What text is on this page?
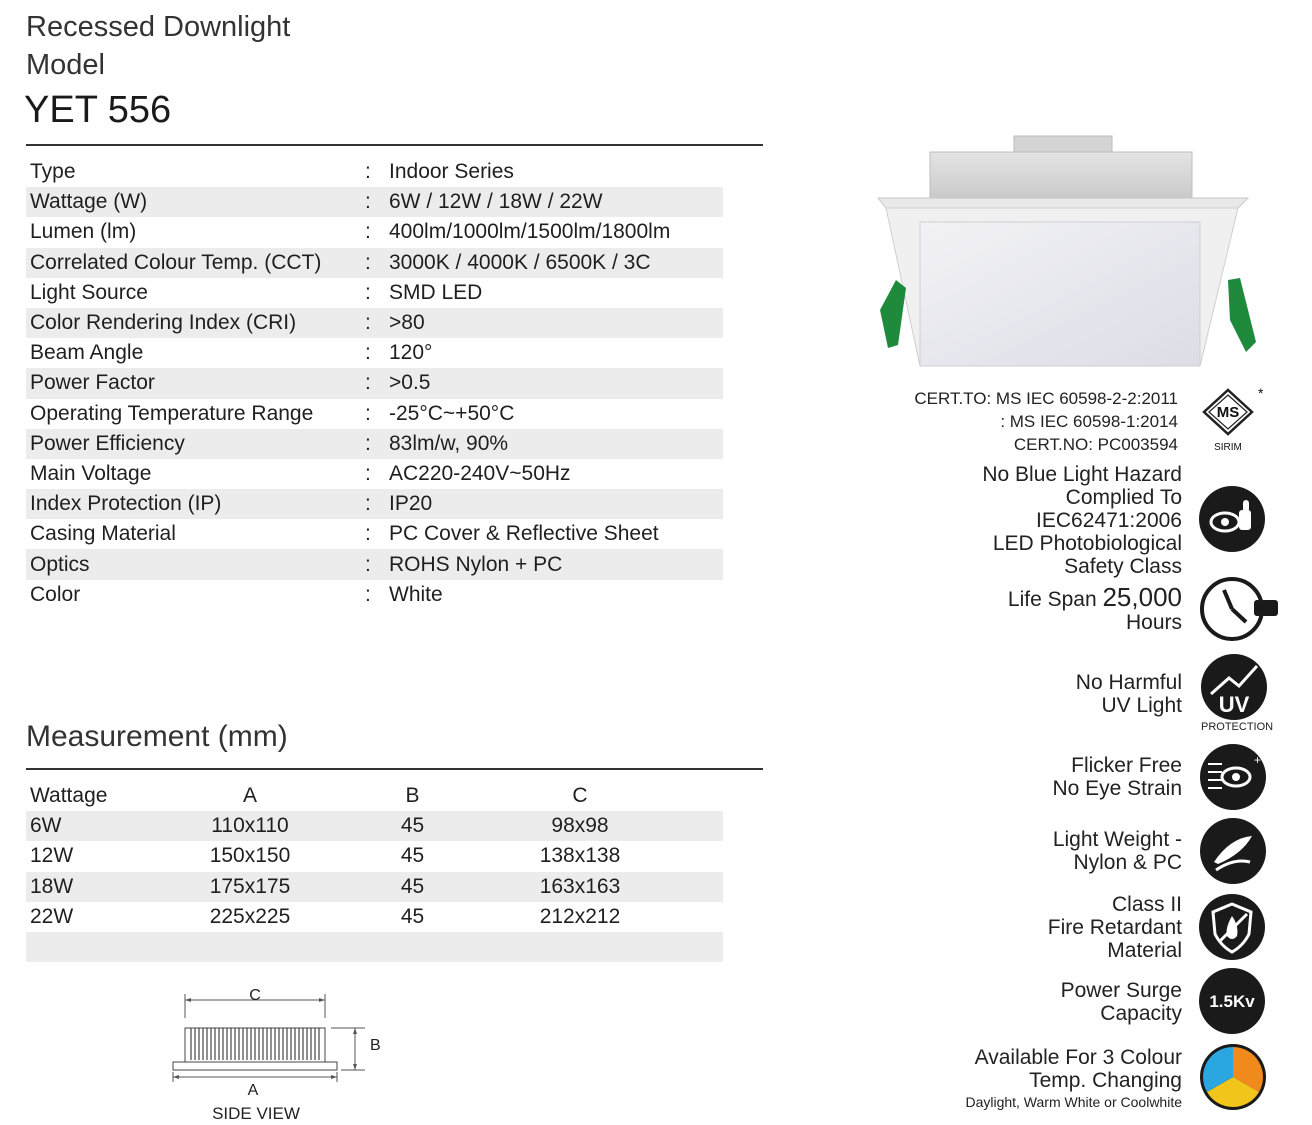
Recessed Downlight
Model
YET 556
Type	: Indoor Series
Wattage (W)	: 6W / 12W / 18W / 22W
Lumen (lm)	: 400lm/1000lm/1500lm/1800lm
Correlated Colour Temp. (CCT)	: 3000K / 4000K / 6500K / 3C
Light Source	: SMD LED
Color Rendering Index (CRI)	: >80
Beam Angle	: 120°
Power Factor	: >0.5
Operating Temperature Range	: -25°C~+50°C
Power Efficiency	: 83lm/w, 90%
Main Voltage	: AC220-240V~50Hz
Index Protection (IP)	: IP20
Casing Material	: PC Cover & Reflective Sheet
Optics	: ROHS Nylon + PC
Color	: White
Measurement (mm)
Wattage	A	B	C
6W	110x110	45	98x98
12W	150x150	45	138x138
18W	175x175	45	163x163
22W	225x225	45	212x212
C
B
A
SIDE VIEW
CERT.TO: MS IEC 60598-2-2:2011
: MS IEC 60598-1:2014
CERT.NO: PC003594
MS
*
SIRIM
No Blue Light Hazard
Complied To
IEC62471:2006
LED Photobiological
Safety Class
Life Span 25,000
Hours
No Harmful
UV Light UV
PROTECTION
Flicker Free
No Eye Strain
+
Light Weight -
Nylon & PC
Class II
Fire Retardant
Material
Power Surge
Capacity
1.5Kv
Available For 3 Colour
Temp. Changing
Daylight, Warm White or Coolwhite
